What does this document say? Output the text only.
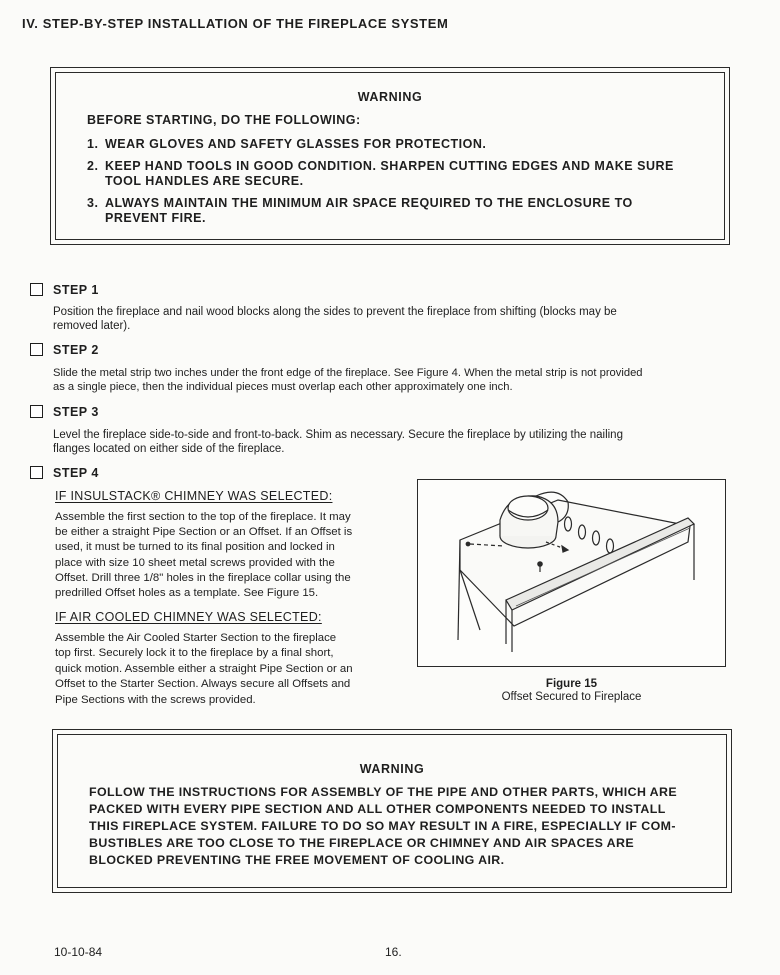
IV. STEP-BY-STEP INSTALLATION OF THE FIREPLACE SYSTEM
WARNING
BEFORE STARTING, DO THE FOLLOWING:
1. WEAR GLOVES AND SAFETY GLASSES FOR PROTECTION.
2. KEEP HAND TOOLS IN GOOD CONDITION. SHARPEN CUTTING EDGES AND MAKE SURE
TOOL HANDLES ARE SECURE.
3. ALWAYS MAINTAIN THE MINIMUM AIR SPACE REQUIRED TO THE ENCLOSURE TO
PREVENT FIRE.
STEP 1
Position the fireplace and nail wood blocks along the sides to prevent the fireplace from shifting (blocks may be
removed later).
STEP 2
Slide the metal strip two inches under the front edge of the fireplace. See Figure 4. When the metal strip is not provided
as a single piece, then the individual pieces must overlap each other approximately one inch.
STEP 3
Level the fireplace side-to-side and front-to-back. Shim as necessary. Secure the fireplace by utilizing the nailing
flanges located on either side of the fireplace.
STEP 4
IF INSULSTACK® CHIMNEY WAS SELECTED:
Assemble the first section to the top of the fireplace. It may
be either a straight Pipe Section or an Offset. If an Offset is
used, it must be turned to its final position and locked in
place with size 10 sheet metal screws provided with the
Offset. Drill three 1/8" holes in the fireplace collar using the
predrilled Offset holes as a template. See Figure 15.
IF AIR COOLED CHIMNEY WAS SELECTED:
Assemble the Air Cooled Starter Section to the fireplace
top first. Securely lock it to the fireplace by a final short,
quick motion. Assemble either a straight Pipe Section or an
Offset to the Starter Section. Always secure all Offsets and
Pipe Sections with the screws provided.
Figure 15
Offset Secured to Fireplace
WARNING
FOLLOW THE INSTRUCTIONS FOR ASSEMBLY OF THE PIPE AND OTHER PARTS, WHICH ARE
PACKED WITH EVERY PIPE SECTION AND ALL OTHER COMPONENTS NEEDED TO INSTALL
THIS FIREPLACE SYSTEM. FAILURE TO DO SO MAY RESULT IN A FIRE, ESPECIALLY IF COM-
BUSTIBLES ARE TOO CLOSE TO THE FIREPLACE OR CHIMNEY AND AIR SPACES ARE
BLOCKED PREVENTING THE FREE MOVEMENT OF COOLING AIR.
10-10-84	16.
